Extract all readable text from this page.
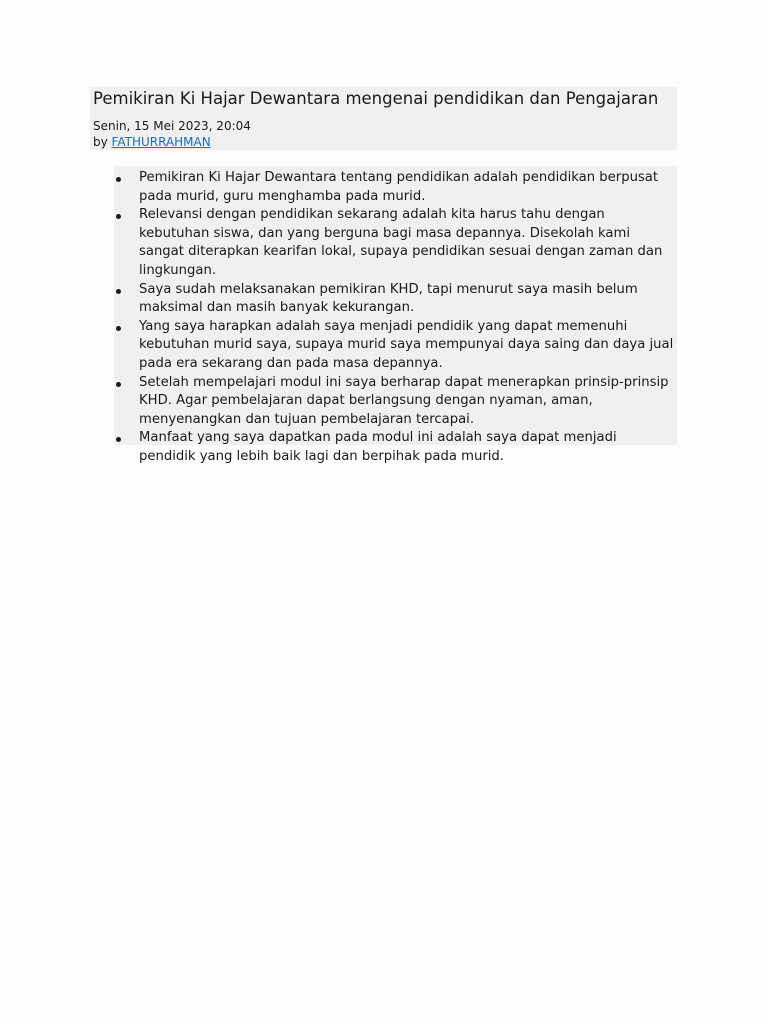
Pemikiran Ki Hajar Dewantara mengenai pendidikan dan Pengajaran
Senin, 15 Mei 2023, 20:04
by FATHURRAHMAN
Pemikiran Ki Hajar Dewantara tentang pendidikan adalah pendidikan berpusat pada murid, guru menghamba pada murid.
Relevansi dengan pendidikan sekarang adalah kita harus tahu dengan kebutuhan siswa, dan yang berguna bagi masa depannya. Disekolah kami sangat diterapkan kearifan lokal, supaya pendidikan sesuai dengan zaman dan lingkungan.
Saya sudah melaksanakan pemikiran KHD, tapi menurut saya masih belum maksimal dan masih banyak kekurangan.
Yang saya harapkan adalah saya menjadi pendidik yang dapat memenuhi kebutuhan murid saya, supaya murid saya mempunyai daya saing dan daya jual pada era sekarang dan pada masa depannya.
Setelah mempelajari modul ini saya berharap dapat menerapkan prinsip-prinsip KHD. Agar pembelajaran dapat berlangsung dengan nyaman, aman, menyenangkan dan tujuan pembelajaran tercapai.
Manfaat yang saya dapatkan pada modul ini adalah saya dapat menjadi pendidik yang lebih baik lagi dan berpihak pada murid.
